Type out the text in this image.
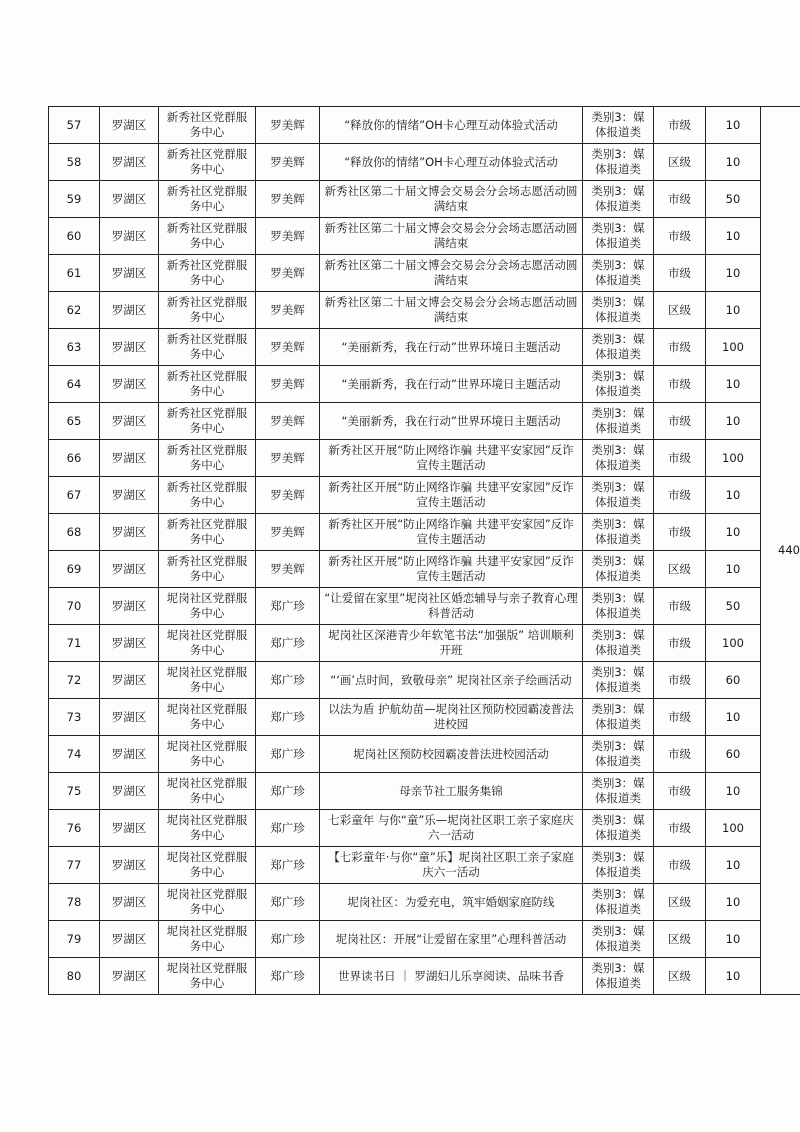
57	罗湖区	新秀社区党群服务中心	罗美辉	“释放你的情绪”OH卡心理互动体验式活动	类别3：媒体报道类	市级	10	440
58	罗湖区	新秀社区党群服务中心	罗美辉	“释放你的情绪”OH卡心理互动体验式活动	类别3：媒体报道类	区级	10	
59	罗湖区	新秀社区党群服务中心	罗美辉	新秀社区第二十届文博会交易会分会场志愿活动圆满结束	类别3：媒体报道类	市级	50	
60	罗湖区	新秀社区党群服务中心	罗美辉	新秀社区第二十届文博会交易会分会场志愿活动圆满结束	类别3：媒体报道类	市级	10	
61	罗湖区	新秀社区党群服务中心	罗美辉	新秀社区第二十届文博会交易会分会场志愿活动圆满结束	类别3：媒体报道类	市级	10	
62	罗湖区	新秀社区党群服务中心	罗美辉	新秀社区第二十届文博会交易会分会场志愿活动圆满结束	类别3：媒体报道类	区级	10	
63	罗湖区	新秀社区党群服务中心	罗美辉	“美丽新秀，我在行动”世界环境日主题活动	类别3：媒体报道类	市级	100	
64	罗湖区	新秀社区党群服务中心	罗美辉	“美丽新秀，我在行动”世界环境日主题活动	类别3：媒体报道类	市级	10	
65	罗湖区	新秀社区党群服务中心	罗美辉	“美丽新秀，我在行动”世界环境日主题活动	类别3：媒体报道类	市级	10	
66	罗湖区	新秀社区党群服务中心	罗美辉	新秀社区开展“防止网络诈骗 共建平安家园”反诈宣传主题活动	类别3：媒体报道类	市级	100	
67	罗湖区	新秀社区党群服务中心	罗美辉	新秀社区开展“防止网络诈骗 共建平安家园”反诈宣传主题活动	类别3：媒体报道类	市级	10	
68	罗湖区	新秀社区党群服务中心	罗美辉	新秀社区开展“防止网络诈骗 共建平安家园”反诈宣传主题活动	类别3：媒体报道类	市级	10	
69	罗湖区	新秀社区党群服务中心	罗美辉	新秀社区开展“防止网络诈骗 共建平安家园”反诈宣传主题活动	类别3：媒体报道类	区级	10	
70	罗湖区	坭岗社区党群服务中心	郑广珍	“让爱留在家里”坭岗社区婚恋辅导与亲子教育心理科普活动	类别3：媒体报道类	市级	50	
71	罗湖区	坭岗社区党群服务中心	郑广珍	坭岗社区深港青少年软笔书法“加强版” 培训顺利开班	类别3：媒体报道类	市级	100	
72	罗湖区	坭岗社区党群服务中心	郑广珍	“‘画’点时间，致敬母亲” 坭岗社区亲子绘画活动	类别3：媒体报道类	市级	60	
73	罗湖区	坭岗社区党群服务中心	郑广珍	以法为盾 护航幼苗—坭岗社区预防校园霸凌普法进校园	类别3：媒体报道类	市级	10	
74	罗湖区	坭岗社区党群服务中心	郑广珍	坭岗社区预防校园霸凌普法进校园活动	类别3：媒体报道类	市级	60	
75	罗湖区	坭岗社区党群服务中心	郑广珍	母亲节社工服务集锦	类别3：媒体报道类	市级	10	
76	罗湖区	坭岗社区党群服务中心	郑广珍	七彩童年 与你“童”乐—坭岗社区职工亲子家庭庆六一活动	类别3：媒体报道类	市级	100	
77	罗湖区	坭岗社区党群服务中心	郑广珍	【七彩童年·与你“童”乐】坭岗社区职工亲子家庭庆六一活动	类别3：媒体报道类	市级	10	
78	罗湖区	坭岗社区党群服务中心	郑广珍	坭岗社区：为爱充电，筑牢婚姻家庭防线	类别3：媒体报道类	区级	10	
79	罗湖区	坭岗社区党群服务中心	郑广珍	坭岗社区：开展“让爱留在家里”心理科普活动	类别3：媒体报道类	区级	10	
80	罗湖区	坭岗社区党群服务中心	郑广珍	世界读书日 ｜ 罗湖妇儿乐享阅读、品味书香	类别3：媒体报道类	区级	10	
